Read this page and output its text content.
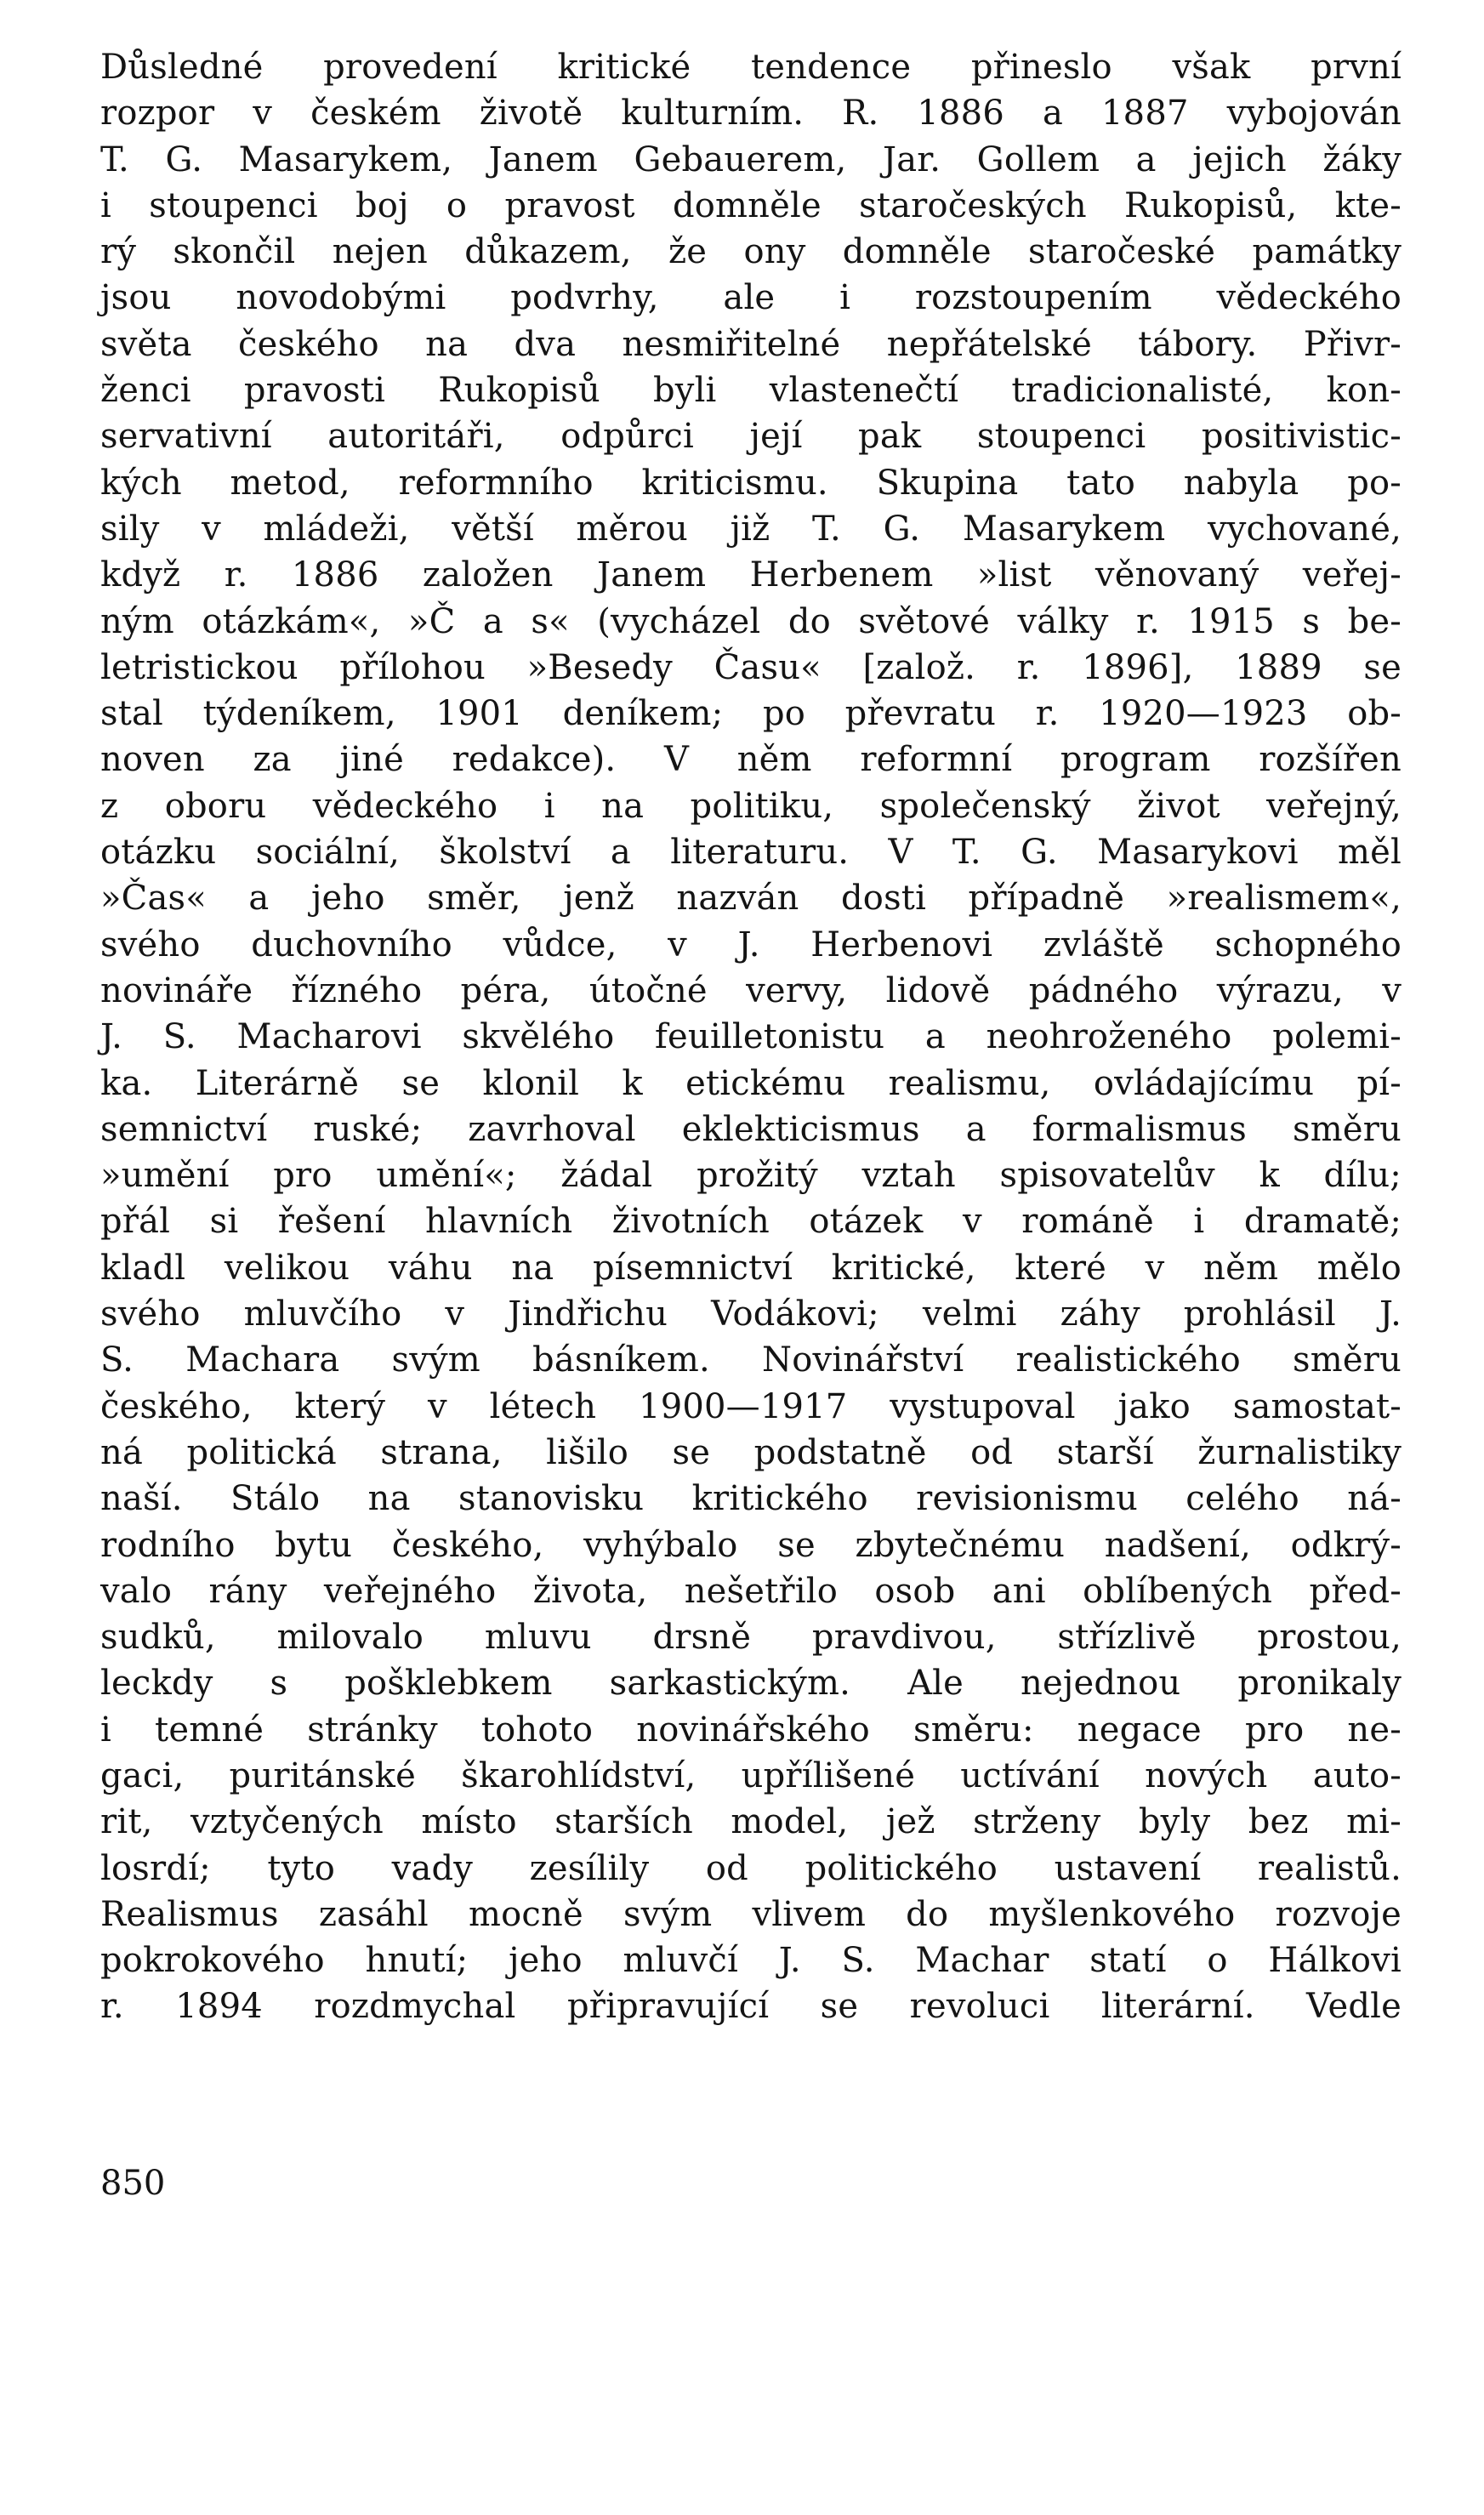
Důsledné provedení kritické tendence přineslo však první
rozpor v českém životě kulturním. R. 1886 a 1887 vybojován
T. G. Masarykem, Janem Gebauerem, Jar. Gollem a jejich žáky
i stoupenci boj o pravost domněle staročeských Rukopisů, kte-
rý skončil nejen důkazem, že ony domněle staročeské památky
jsou novodobými podvrhy, ale i rozstoupením vědeckého
světa českého na dva nesmiřitelné nepřátelské tábory. Přivr-
ženci pravosti Rukopisů byli vlastenečtí tradicionalisté, kon-
servativní autoritáři, odpůrci její pak stoupenci positivistic-
kých metod, reformního kriticismu. Skupina tato nabyla po-
sily v mládeži, větší měrou již T. G. Masarykem vychované,
když r. 1886 založen Janem Herbenem »list věnovaný veřej-
ným otázkám«, »Č a s« (vycházel do světové války r. 1915 s be-
letristickou přílohou »Besedy Času« [založ. r. 1896], 1889 se
stal týdeníkem, 1901 deníkem; po převratu r. 1920—1923 ob-
noven za jiné redakce). V něm reformní program rozšířen
z oboru vědeckého i na politiku, společenský život veřejný,
otázku sociální, školství a literaturu. V T. G. Masarykovi měl
»Čas« a jeho směr, jenž nazván dosti případně »realismem«,
svého duchovního vůdce, v J. Herbenovi zvláště schopného
novináře řízného péra, útočné vervy, lidově pádného výrazu, v
J. S. Macharovi skvělého feuilletonistu a neohroženého polemi-
ka. Literárně se klonil k etickému realismu, ovládajícímu pí-
semnictví ruské; zavrhoval eklekticismus a formalismus směru
»umění pro umění«; žádal prožitý vztah spisovatelův k dílu;
přál si řešení hlavních životních otázek v románě i dramatě;
kladl velikou váhu na písemnictví kritické, které v něm mělo
svého mluvčího v Jindřichu Vodákovi; velmi záhy prohlásil J.
S. Machara svým básníkem. Novinářství realistického směru
českého, který v létech 1900—1917 vystupoval jako samostat-
ná politická strana, lišilo se podstatně od starší žurnalistiky
naší. Stálo na stanovisku kritického revisionismu celého ná-
rodního bytu českého, vyhýbalo se zbytečnému nadšení, odkrý-
valo rány veřejného života, nešetřilo osob ani oblíbených před-
sudků, milovalo mluvu drsně pravdivou, střízlivě prostou,
leckdy s pošklebkem sarkastickým. Ale nejednou pronikaly
i temné stránky tohoto novinářského směru: negace pro ne-
gaci, puritánské škarohlídství, upřílišené uctívání nových auto-
rit, vztyčených místo starších model, jež strženy byly bez mi-
losrdí; tyto vady zesílily od politického ustavení realistů.
Realismus zasáhl mocně svým vlivem do myšlenkového rozvoje
pokrokového hnutí; jeho mluvčí J. S. Machar statí o Hálkovi
r. 1894 rozdmychal připravující se revoluci literární. Vedle
850
